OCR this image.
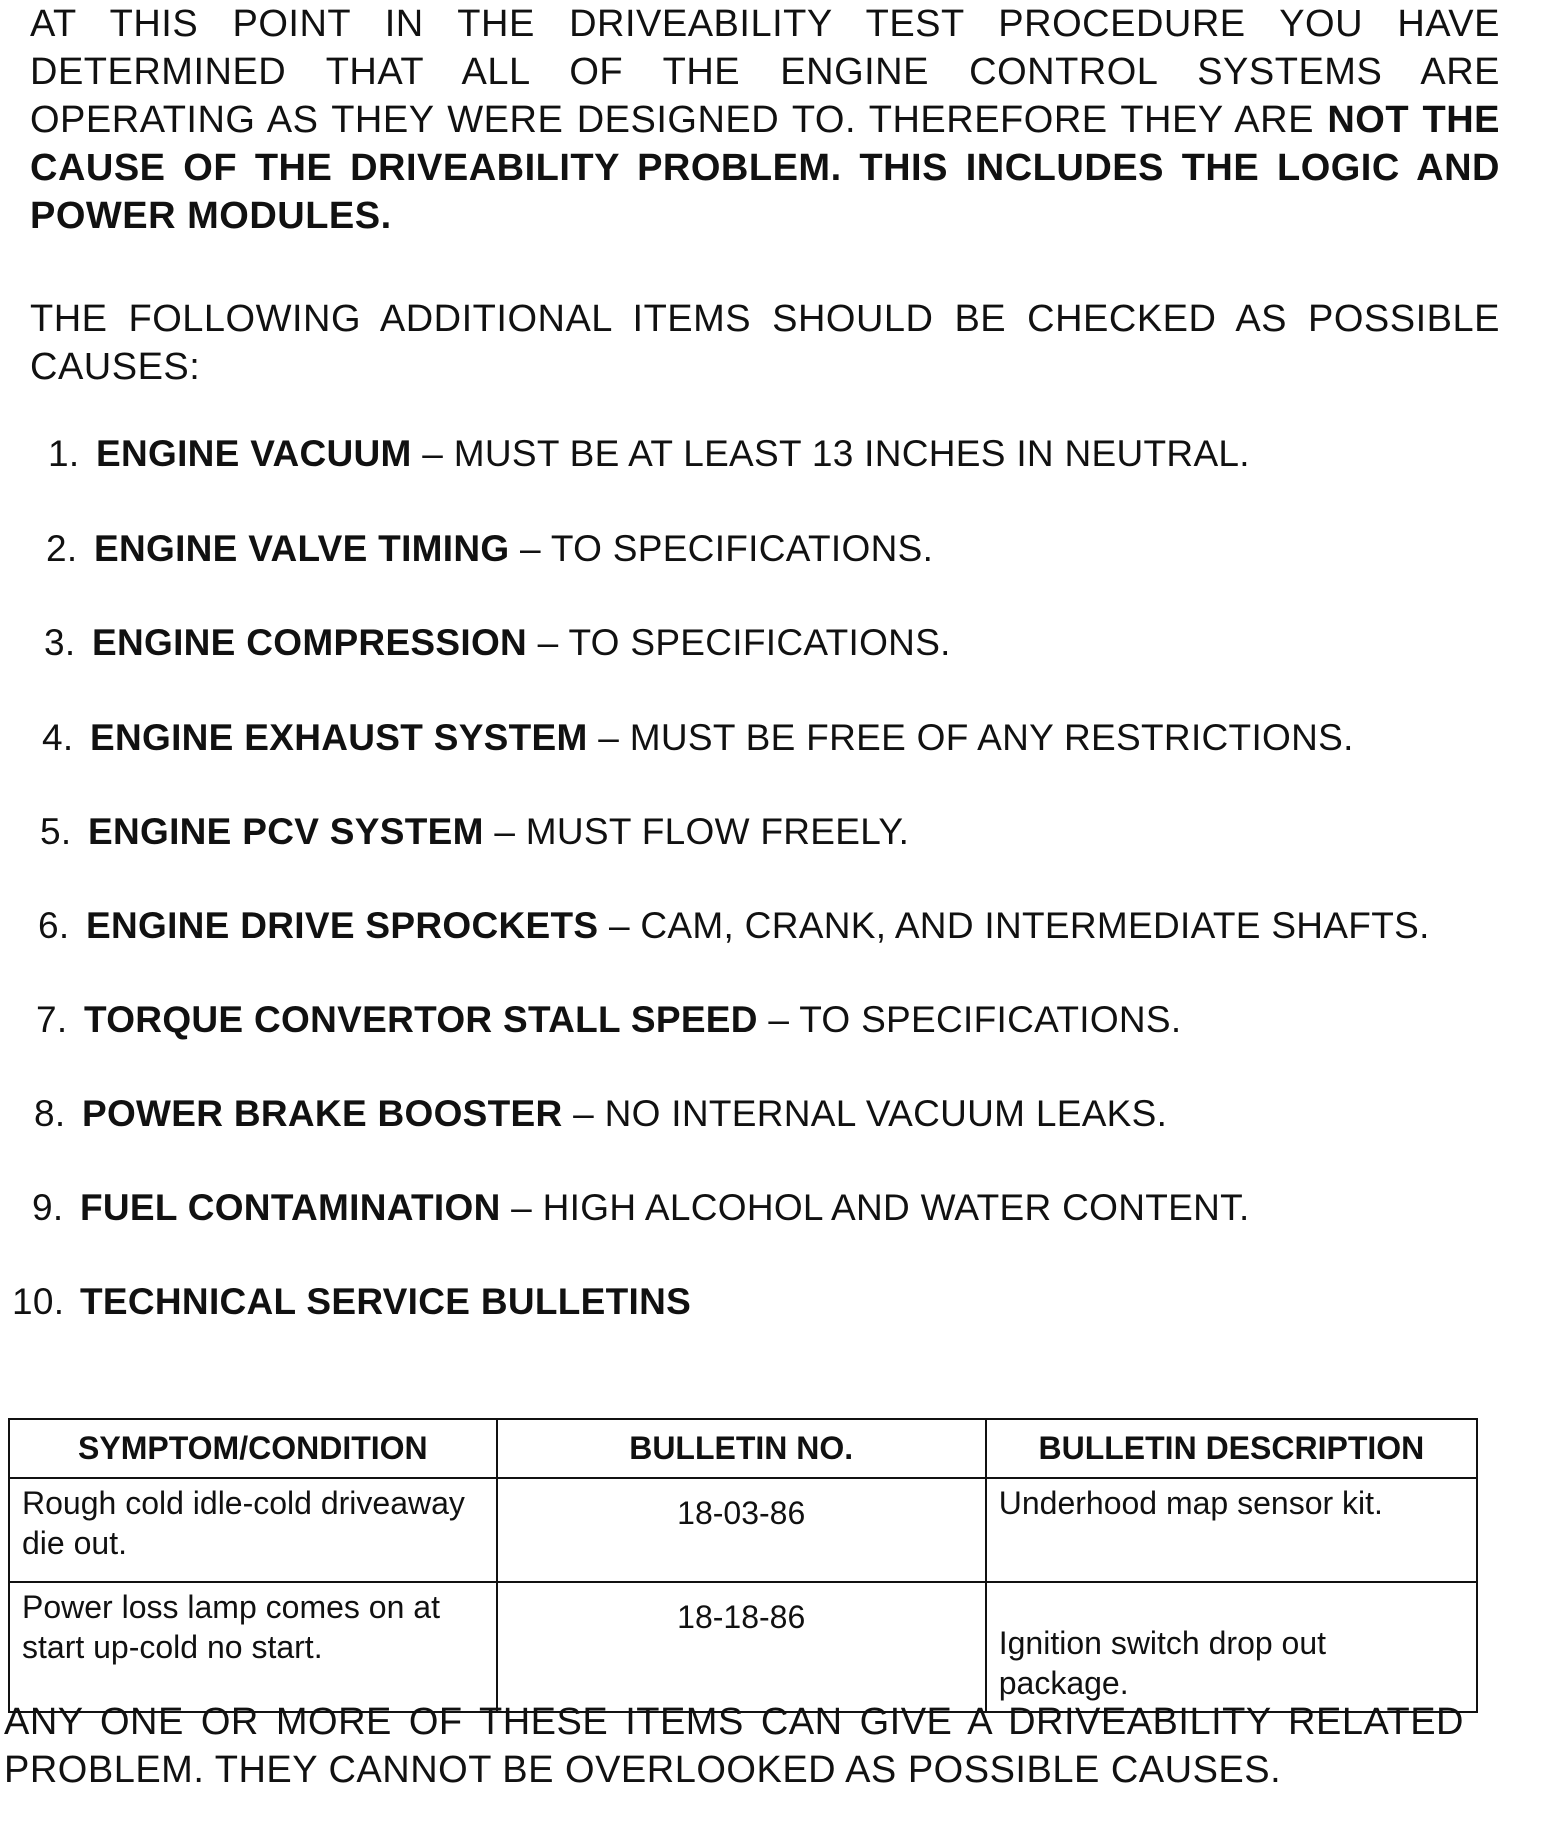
AT THIS POINT IN THE DRIVEABILITY TEST PROCEDURE YOU HAVE DETERMINED THAT ALL OF THE ENGINE CONTROL SYSTEMS ARE OPERATING AS THEY WERE DESIGNED TO. THEREFORE THEY ARE NOT THE CAUSE OF THE DRIVEABILITY PROBLEM. THIS INCLUDES THE LOGIC AND POWER MODULES.

THE FOLLOWING ADDITIONAL ITEMS SHOULD BE CHECKED AS POSSIBLE CAUSES:

1. ENGINE VACUUM – MUST BE AT LEAST 13 INCHES IN NEUTRAL.
2. ENGINE VALVE TIMING – TO SPECIFICATIONS.
3. ENGINE COMPRESSION – TO SPECIFICATIONS.
4. ENGINE EXHAUST SYSTEM – MUST BE FREE OF ANY RESTRICTIONS.
5. ENGINE PCV SYSTEM – MUST FLOW FREELY.
6. ENGINE DRIVE SPROCKETS – CAM, CRANK, AND INTERMEDIATE SHAFTS.
7. TORQUE CONVERTOR STALL SPEED – TO SPECIFICATIONS.
8. POWER BRAKE BOOSTER – NO INTERNAL VACUUM LEAKS.
9. FUEL CONTAMINATION – HIGH ALCOHOL AND WATER CONTENT.
10. TECHNICAL SERVICE BULLETINS
SYMPTOM/CONDITION	BULLETIN NO.	BULLETIN DESCRIPTION
Rough cold idle-cold driveaway die out.	18-03-86	Underhood map sensor kit.
Power loss lamp comes on at start up-cold no start.	18-18-86	Ignition switch drop out package.

ANY ONE OR MORE OF THESE ITEMS CAN GIVE A DRIVEABILITY RELATED PROBLEM. THEY CANNOT BE OVERLOOKED AS POSSIBLE CAUSES.
